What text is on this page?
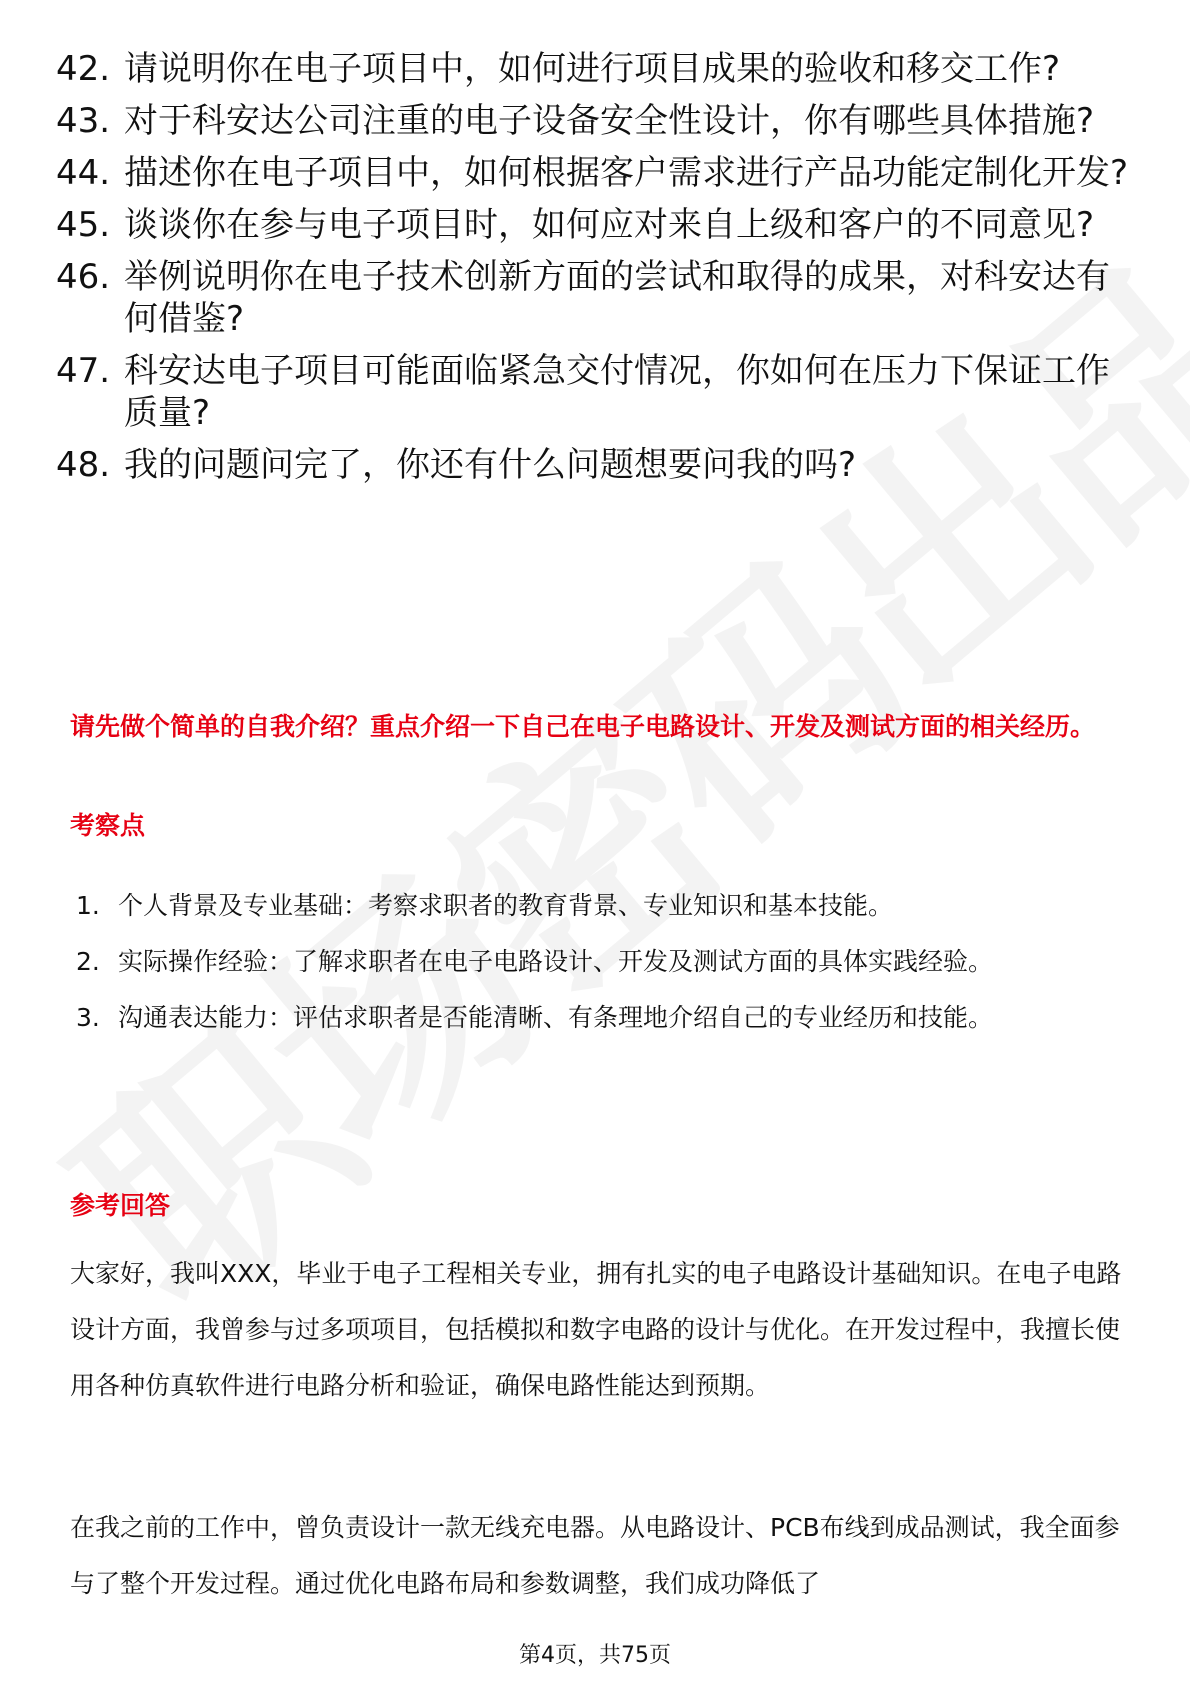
42. 请说明你在电子项目中，如何进行项目成果的验收和移交工作?
43. 对于科安达公司注重的电子设备安全性设计，你有哪些具体措施?
44. 描述你在电子项目中，如何根据客户需求进行产品功能定制化开发?
45. 谈谈你在参与电子项目时，如何应对来自上级和客户的不同意见?
46. 举例说明你在电子技术创新方面的尝试和取得的成果，对科安达有何借鉴?
47. 科安达电子项目可能面临紧急交付情况，你如何在压力下保证工作质量?
48. 我的问题问完了，你还有什么问题想要问我的吗?
请先做个简单的自我介绍？重点介绍一下自己在电子电路设计、开发及测试方面的相关经历。
考察点
1. 个人背景及专业基础：考察求职者的教育背景、专业知识和基本技能。
2. 实际操作经验：了解求职者在电子电路设计、开发及测试方面的具体实践经验。
3. 沟通表达能力：评估求职者是否能清晰、有条理地介绍自己的专业经历和技能。
参考回答
大家好，我叫XXX，毕业于电子工程相关专业，拥有扎实的电子电路设计基础知识。在电子电路设计方面，我曾参与过多项项目，包括模拟和数字电路的设计与优化。在开发过程中，我擅长使用各种仿真软件进行电路分析和验证，确保电路性能达到预期。
在我之前的工作中，曾负责设计一款无线充电器。从电路设计、PCB布线到成品测试，我全面参与了整个开发过程。通过优化电路布局和参数调整，我们成功降低了
第4页，共75页
